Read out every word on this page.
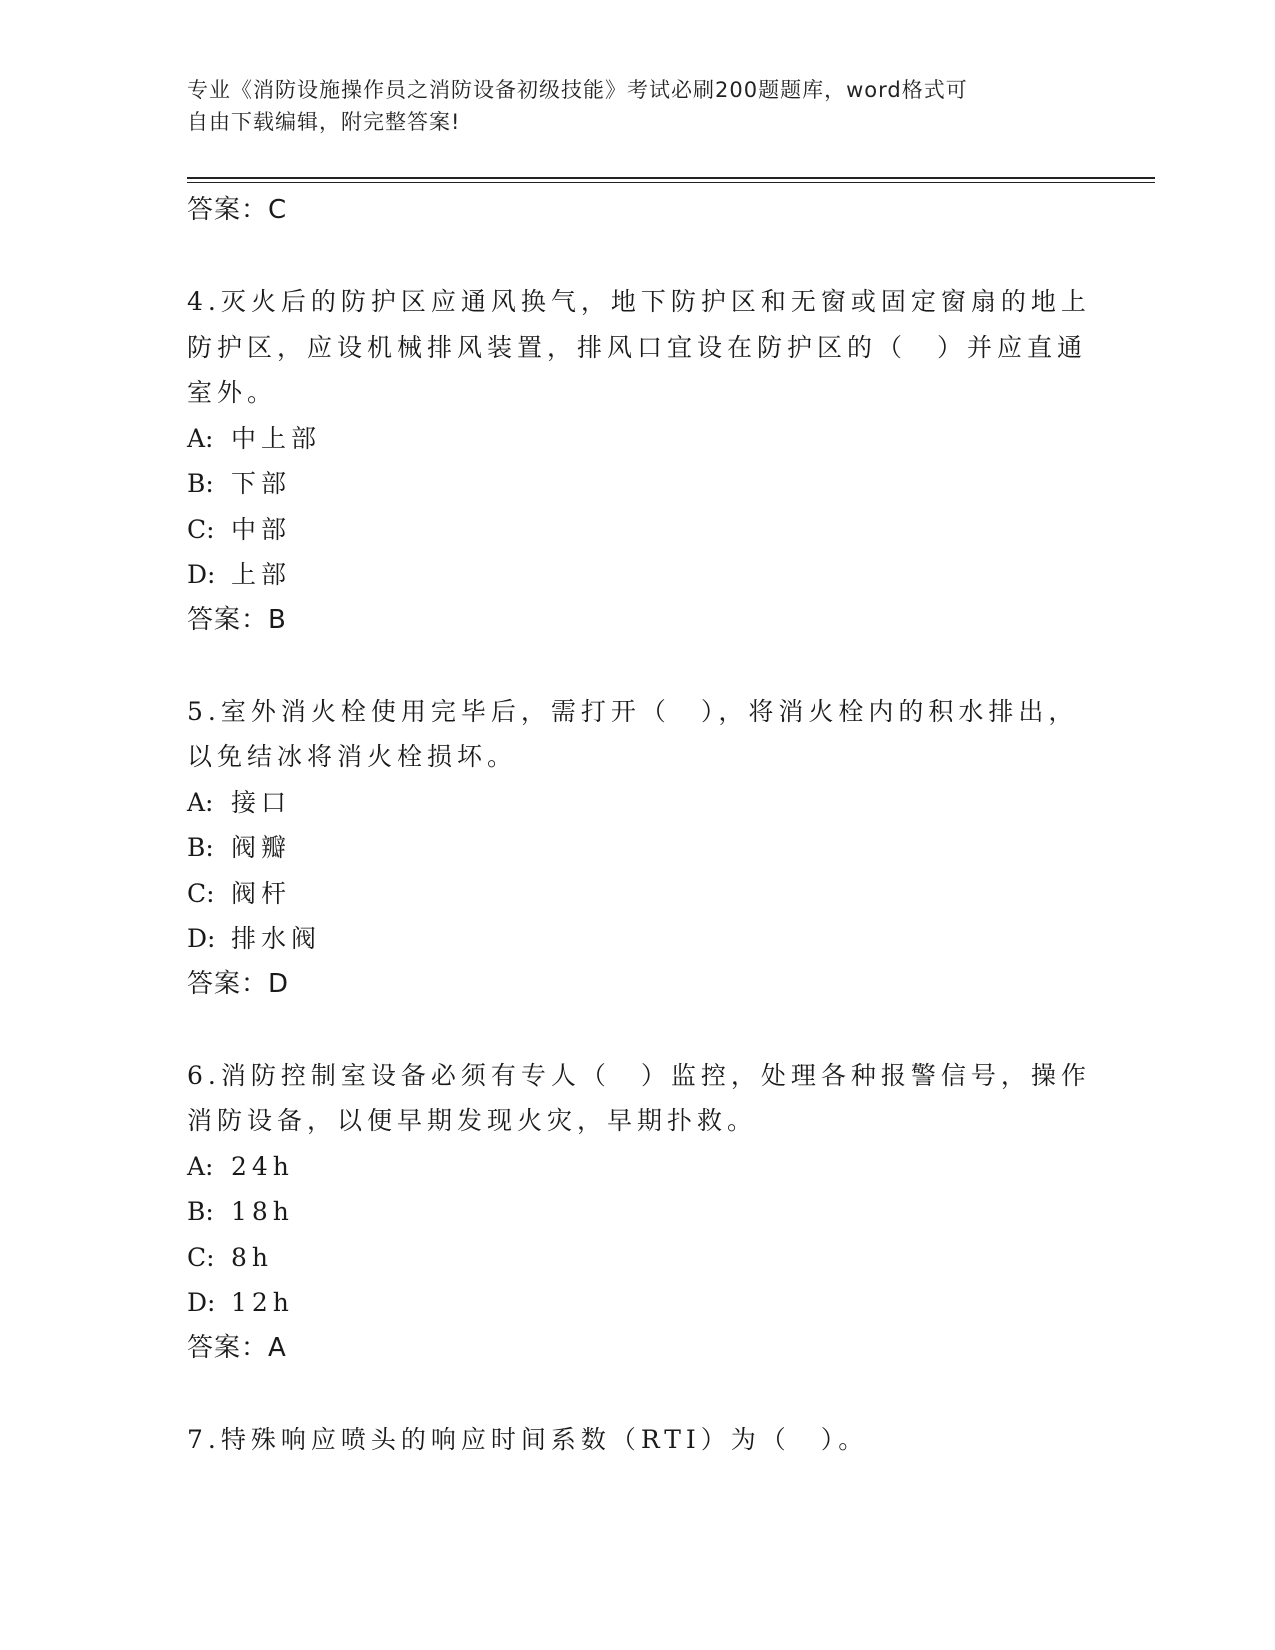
专业《消防设施操作员之消防设备初级技能》考试必刷200题题库，word格式可
自由下载编辑，附完整答案!
答案：C
4.灭火后的防护区应通风换气，地下防护区和无窗或固定窗扇的地上
防护区，应设机械排风装置，排风口宜设在防护区的（　）并应直通
室外。
A: 中上部
B: 下部
C: 中部
D: 上部
答案：B
5.室外消火栓使用完毕后，需打开（　），将消火栓内的积水排出，
以免结冰将消火栓损坏。
A: 接口
B: 阀瓣
C: 阀杆
D: 排水阀
答案：D
6.消防控制室设备必须有专人（　）监控，处理各种报警信号，操作
消防设备，以便早期发现火灾，早期扑救。
A: 24h
B: 18h
C: 8h
D: 12h
答案：A
7.特殊响应喷头的响应时间系数（RTI）为（　）。
